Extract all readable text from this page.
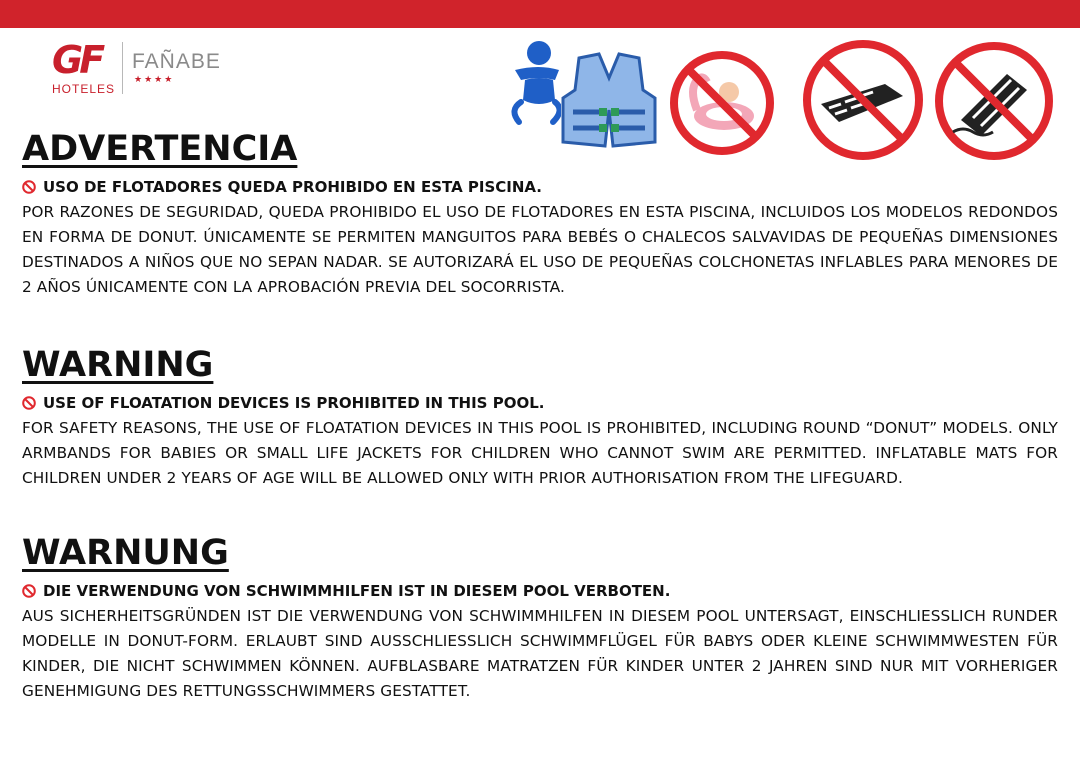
GF
HOTELES
FAÑABE
★★★★
ADVERTENCIA
USO DE FLOTADORES QUEDA PROHIBIDO EN ESTA PISCINA.

POR RAZONES DE SEGURIDAD, QUEDA PROHIBIDO EL USO DE FLOTADORES EN ESTA PISCINA, INCLUIDOS LOS MODELOS REDONDOS EN FORMA DE DONUT. ÚNICAMENTE SE PERMITEN MANGUITOS PARA BEBÉS O CHALECOS SALVAVIDAS DE PEQUEÑAS DIMENSIONES DESTINADOS A NIÑOS QUE NO SEPAN NADAR. SE AUTORIZARÁ EL USO DE PEQUEÑAS COLCHONETAS INFLABLES PARA MENORES DE 2 AÑOS ÚNICAMENTE CON LA APROBACIÓN PREVIA DEL SOCORRISTA.

WARNING
USE OF FLOATATION DEVICES IS PROHIBITED IN THIS POOL.

FOR SAFETY REASONS, THE USE OF FLOATATION DEVICES IN THIS POOL IS PROHIBITED, INCLUDING ROUND “DONUT” MODELS. ONLY ARMBANDS FOR BABIES OR SMALL LIFE JACKETS FOR CHILDREN WHO CANNOT SWIM ARE PERMITTED. INFLATABLE MATS FOR CHILDREN UNDER 2 YEARS OF AGE WILL BE ALLOWED ONLY WITH PRIOR AUTHORISATION FROM THE LIFEGUARD.

WARNUNG
DIE VERWENDUNG VON SCHWIMMHILFEN IST IN DIESEM POOL VERBOTEN.

AUS SICHERHEITSGRÜNDEN IST DIE VERWENDUNG VON SCHWIMMHILFEN IN DIESEM POOL UNTERSAGT, EINSCHLIESSLICH RUNDER MODELLE IN DONUT-FORM. ERLAUBT SIND AUSSCHLIESSLICH SCHWIMMFLÜGEL FÜR BABYS ODER KLEINE SCHWIMMWESTEN FÜR KINDER, DIE NICHT SCHWIMMEN KÖNNEN. AUFBLASBARE MATRATZEN FÜR KINDER UNTER 2 JAHREN SIND NUR MIT VORHERIGER GENEHMIGUNG DES RETTUNGSSCHWIMMERS GESTATTET.
